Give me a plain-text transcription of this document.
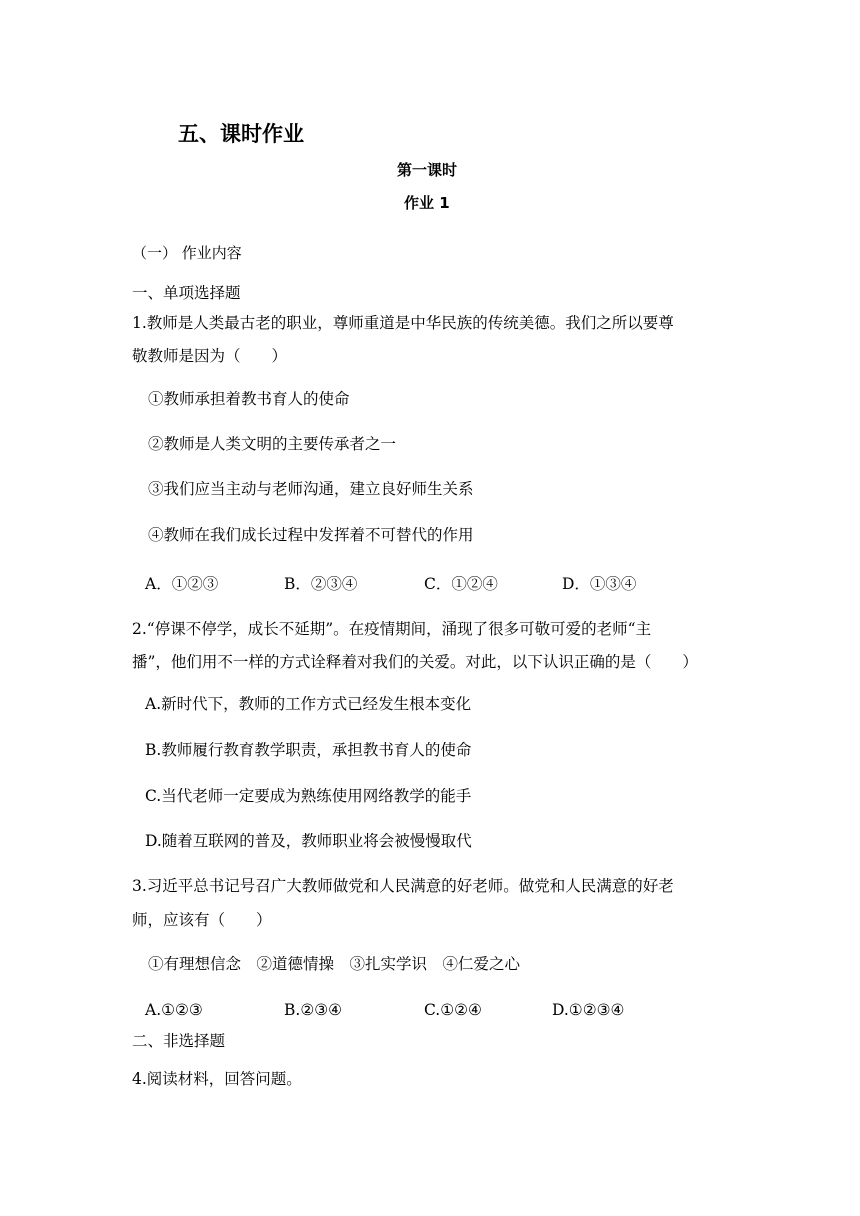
五、课时作业
第一课时
作业 1
（一） 作业内容
一、单项选择题
1.教师是人类最古老的职业，尊师重道是中华民族的传统美德。我们之所以要尊
敬教师是因为（　　）
①教师承担着教书育人的使命
②教师是人类文明的主要传承者之一
③我们应当主动与老师沟通，建立良好师生关系
④教师在我们成长过程中发挥着不可替代的作用
A．①②③	B．②③④	C．①②④	D．①③④
2.“停课不停学，成长不延期”。在疫情期间，涌现了很多可敬可爱的老师“主
播”，他们用不一样的方式诠释着对我们的关爱。对此，以下认识正确的是（　　）
A.新时代下，教师的工作方式已经发生根本变化
B.教师履行教育教学职责，承担教书育人的使命
C.当代老师一定要成为熟练使用网络教学的能手
D.随着互联网的普及，教师职业将会被慢慢取代
3.习近平总书记号召广大教师做党和人民满意的好老师。做党和人民满意的好老
师，应该有（　　）
①有理想信念　②道德情操　③扎实学识　④仁爱之心
A.①②③	B.②③④	C.①②④	D.①②③④
二、非选择题
4.阅读材料，回答问题。
